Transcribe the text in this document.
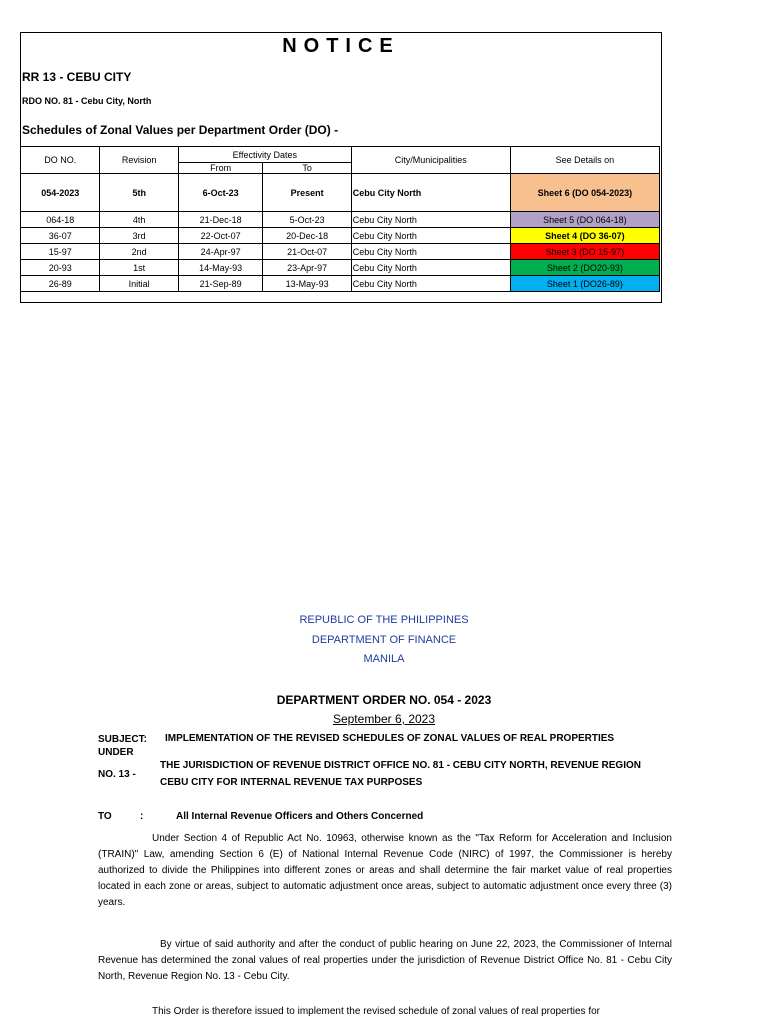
NOTICE
RR 13 - CEBU CITY
RDO NO. 81 - Cebu City, North
Schedules of Zonal Values per Department Order (DO) -
DO NO.	Revision	Effectivity Dates		City/Municipalities	See Details on
		From	To		
054-2023	5th	6-Oct-23	Present	Cebu City North	Sheet 6 (DO 054-2023)
064-18	4th	21-Dec-18	5-Oct-23	Cebu City North	Sheet 5 (DO 064-18)
36-07	3rd	22-Oct-07	20-Dec-18	Cebu City North	Sheet 4 (DO 36-07)
15-97	2nd	24-Apr-97	21-Oct-07	Cebu City North	Sheet 3 (DO 15-97)
20-93	1st	14-May-93	23-Apr-97	Cebu City North	Sheet 2 (DO20-93)
26-89	Initial	21-Sep-89	13-May-93	Cebu City North	Sheet 1 (DO26-89)
REPUBLIC OF THE PHILIPPINES
DEPARTMENT OF FINANCE
MANILA
DEPARTMENT ORDER NO. 054 - 2023
September 6, 2023
SUBJECT: UNDER
IMPLEMENTATION OF THE REVISED SCHEDULES OF ZONAL VALUES OF REAL PROPERTIES
THE JURISDICTION OF REVENUE DISTRICT OFFICE NO. 81 - CEBU CITY NORTH, REVENUE REGION
NO. 13 -
CEBU CITY FOR INTERNAL REVENUE TAX PURPOSES
TO	:	All Internal Revenue Officers and Others Concerned
Under Section 4 of Republic Act No. 10963, otherwise known as the "Tax Reform for Acceleration and Inclusion (TRAIN)" Law, amending Section 6 (E) of National Internal Revenue Code (NIRC) of 1997, the Commissioner is hereby authorized to divide the Philippines into different zones or areas and shall determine the fair market value of real properties located in each zone or areas, subject to automatic adjustment once areas, subject to automatic adjustment once every three (3) years.
By virtue of said authority and after the conduct of public hearing on June 22, 2023, the Commissioner of Internal Revenue has determined the zonal values of real properties under the jurisdiction of Revenue District Office No. 81 - Cebu City North, Revenue Region No. 13 - Cebu City.
This Order is therefore issued to implement the revised schedule of zonal values of real properties for
